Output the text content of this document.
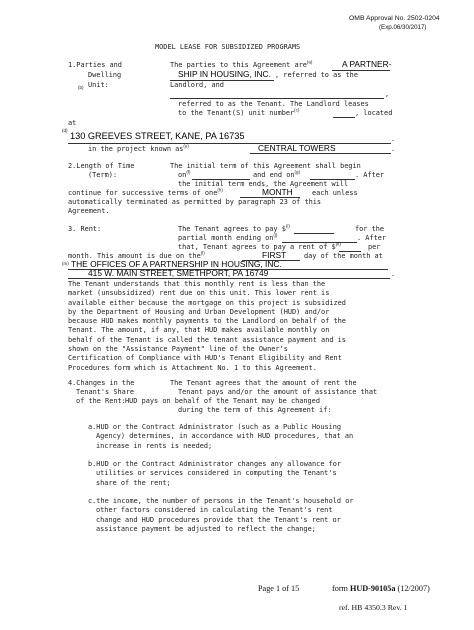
OMB Approval No. 2502-0204
(Exp.06/30/2017)
MODEL LEASE FOR SUBSIDIZED PROGRAMS
1.Parties and
Dwelling
Unit:
The parties to this Agreement are$^{(a)}$	A PARTNER-
SHIP IN HOUSING, INC. , referred to as the
(b)	Landlord, and
,
referred to as the Tenant. The Landlord leases
to the Tenant(S) unit number$^{(c)}$	, located
at
(d)
130 GREEVES STREET, KANE, PA 16735	.
in the project known $as^{(e)}$	CENTRAL TOWERS	.
2.Length of Time
(Term):
The initial term of this Agreement shall begin
$on^{(f)}$	and end $on^{(g)}$	. After
the initial term ends, the Agreement will
continue for successive terms of one$^{(h)}$	MONTH	each unless
automatically terminated as permitted by paragraph 23 of this
Agreement.
3. Rent:	The Tenant agrees to pay \$$^{(i)}$	for the
partial month ending $on^{(j)}$	. After
that, Tenant agrees to pay a rent of \$$^{(k)}$	per
month. This amount is due on the$^{(l)}$	FIRST	day of the month at
(m) THE OFFICES OF A PARTNERSHIP IN HOUSING, INC.
415 W. MAIN STREET, SMETHPORT, PA 16749	.
The Tenant understands that this monthly rent is less than the
market (unsubsidized) rent due on this unit. This lower rent is
available either because the mortgage on this project is subsidized
by the Department of Housing and Urban Development (HUD) and/or
because HUD makes monthly payments to the Landlord on behalf of the
Tenant. The amount, if any, that HUD makes available monthly on
behalf of the Tenant is called the tenant assistance payment and is
shown on the "Assistance Payment" line of the Owner's
Certification of Compliance with HUD's Tenant Eligibility and Rent
Procedures form which is Attachment No. 1 to this Agreement.
4.Changes in the
Tenant's Share
of the Rent:
The Tenant agrees that the amount of rent the
Tenant pays and/or the amount of assistance that
HUD pays on behalf of the Tenant may be changed
during the term of this Agreement if:
a.HUD or the Contract Administrator (such as a Public Housing
Agency) determines, in accordance with HUD procedures, that an
increase in rents is needed;
b.HUD or the Contract Administrator changes any allowance for
utilities or services considered in computing the Tenant's
share of the rent;
c.the income, the number of persons in the Tenant's household or
other factors considered in calculating the Tenant's rent
change and HUD procedures provide that the Tenant's rent or
assistance payment be adjusted to reflect the change;
Page 1 of 15	form HUD-90105a (12/2007)
ref. HB 4350.3 Rev. 1
